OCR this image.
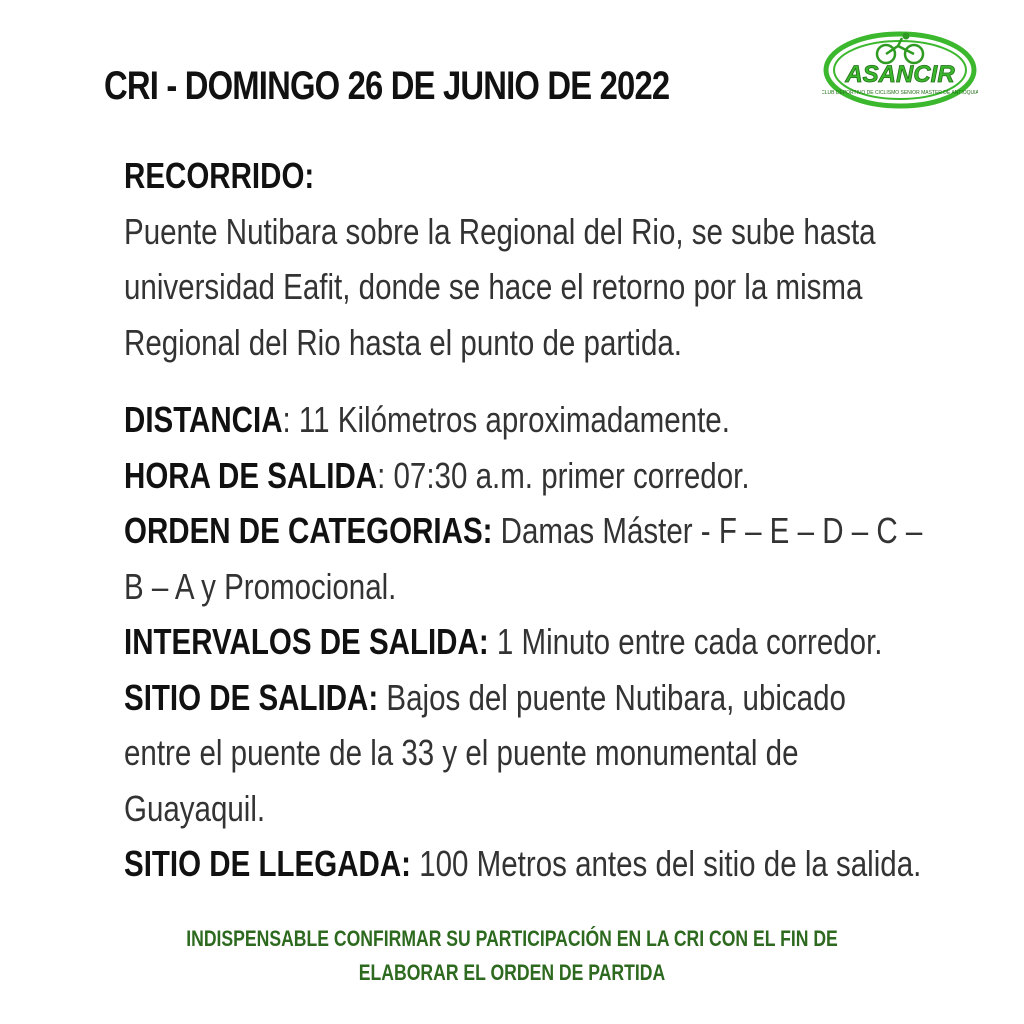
CRI - DOMINGO 26 DE JUNIO DE 2022	ASANCIR
CLUB DEPORTIVO DE CICLISMO SENIOR MASTER DE ANTIOQUIA
RECORRIDO:

Puente Nutibara sobre la Regional del Rio, se sube hasta

universidad Eafit, donde se hace el retorno por la misma

Regional del Rio hasta el punto de partida.

DISTANCIA: 11 Kilómetros aproximadamente.

HORA DE SALIDA: 07:30 a.m. primer corredor.

ORDEN DE CATEGORIAS: Damas Máster - F – E – D – C –

B – A y Promocional.

INTERVALOS DE SALIDA: 1 Minuto entre cada corredor.

SITIO DE SALIDA: Bajos del puente Nutibara, ubicado

entre el puente de la 33 y el puente monumental de

Guayaquil.

SITIO DE LLEGADA: 100 Metros antes del sitio de la salida.

INDISPENSABLE CONFIRMAR SU PARTICIPACIÓN EN LA CRI CON EL FIN DE
ELABORAR EL ORDEN DE PARTIDA
